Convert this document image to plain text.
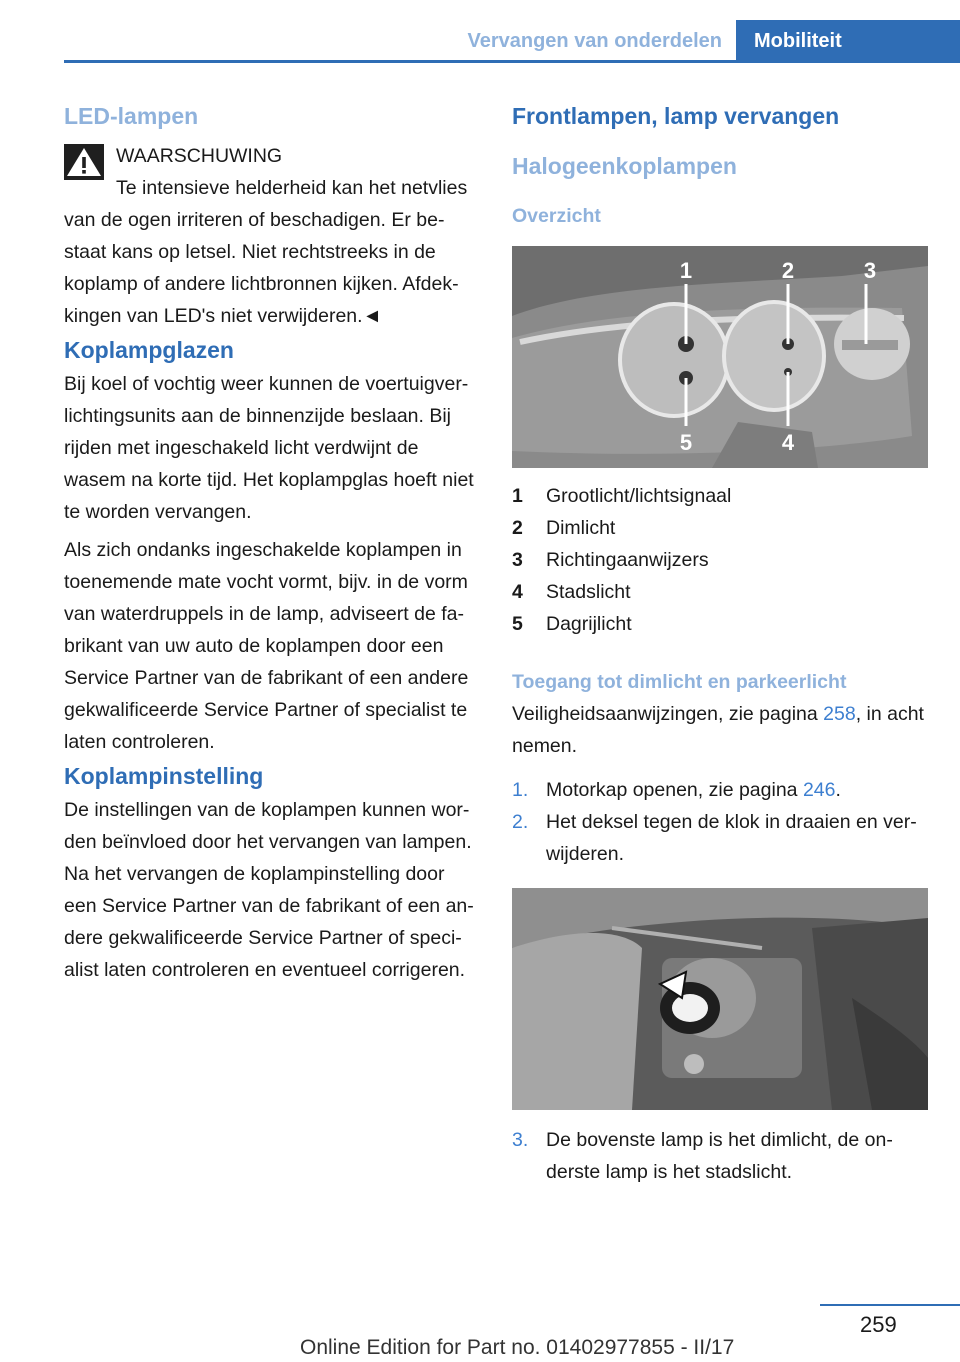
Vervangen van onderdelen	Mobiliteit
LED-lampen
WAARSCHUWING
Te intensieve helderheid kan het netvlies
van de ogen irriteren of beschadigen. Er be-staat kans op letsel. Niet rechtstreeks in de koplamp of andere lichtbronnen kijken. Afdek-kingen van LED's niet verwijderen.◄
Koplampglazen

Bij koel of vochtig weer kunnen de voertuigver-lichtingsunits aan de binnenzijde beslaan. Bij rijden met ingeschakeld licht verdwijnt de wasem na korte tijd. Het koplampglas hoeft niet te worden vervangen.

Als zich ondanks ingeschakelde koplampen in toenemende mate vocht vormt, bijv. in de vorm van waterdruppels in de lamp, adviseert de fa-brikant van uw auto de koplampen door een Service Partner van de fabrikant of een andere gekwalificeerde Service Partner of specialist te laten controleren.

Koplampinstelling

De instellingen van de koplampen kunnen wor-den beïnvloed door het vervangen van lampen. Na het vervangen de koplampinstelling door een Service Partner van de fabrikant of een an-dere gekwalificeerde Service Partner of speci-alist laten controleren en eventueel corrigeren.

Frontlampen, lamp vervangen
Halogeenkoplampen
Overzicht
1	2	3
4
5
1	Grootlicht/lichtsignaal
2	Dimlicht
3	Richtingaanwijzers
4	Stadslicht
5	Dagrijlicht
Toegang tot dimlicht en parkeerlicht
Veiligheidsaanwijzingen, zie pagina 258, in acht nemen.
1. Motorkap openen, zie pagina 246.
2. Het deksel tegen de klok in draaien en ver-wijderen.
3. De bovenste lamp is het dimlicht, de on-derste lamp is het stadslicht.
259
Online Edition for Part no. 01402977855 - II/17
